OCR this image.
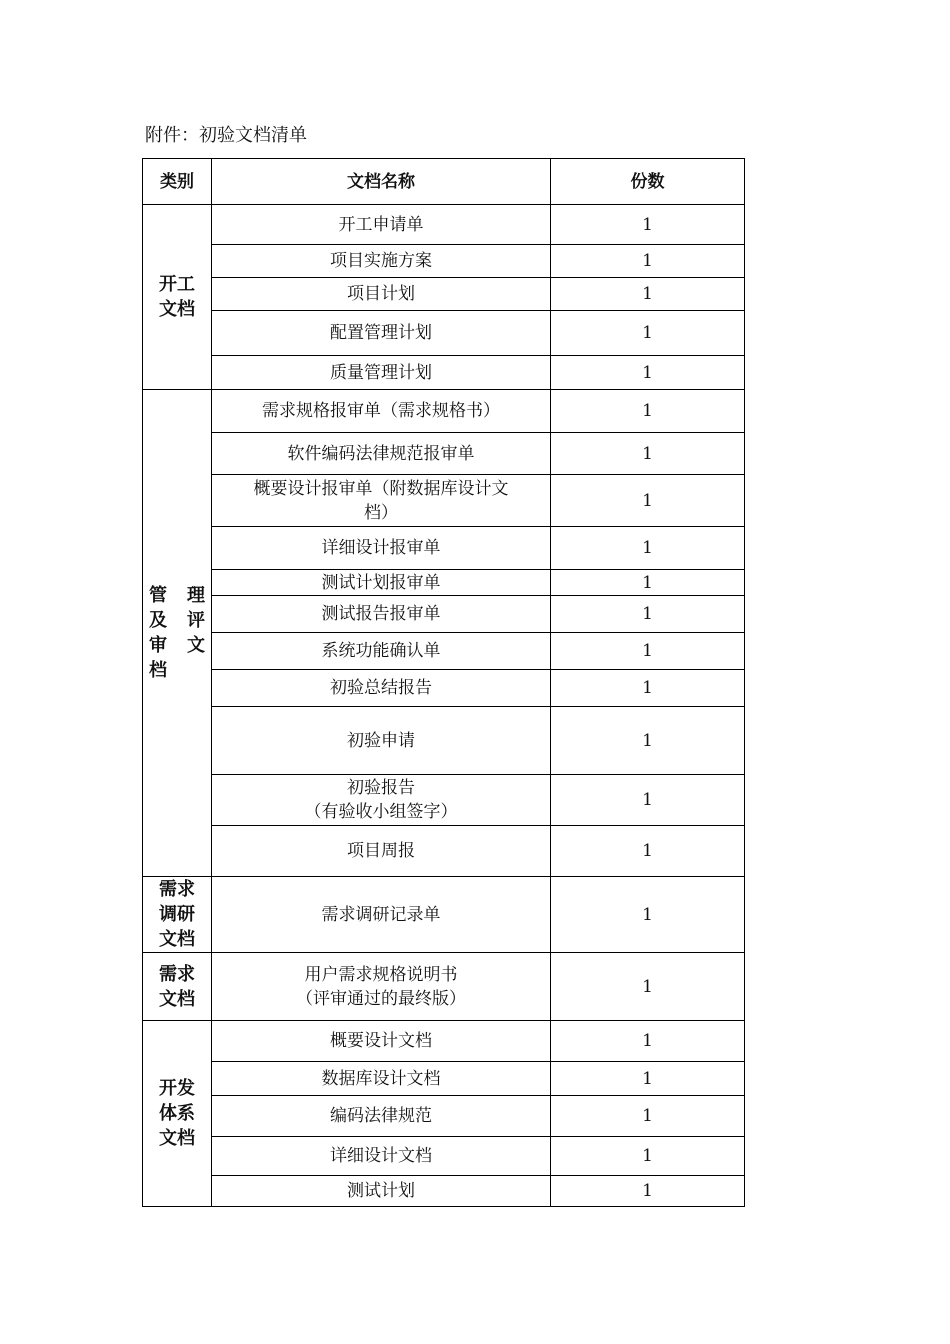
附件：初验文档清单
类别	文档名称	份数

开工
文档	开工申请单	1

	项目实施方案	1

	项目计划	1

	配置管理计划	1

	质量管理计划	1

管 理
及 评
审 文
档	需求规格报审单（需求规格书）	1

	软件编码法律规范报审单	1

	概要设计报审单（附数据库设计文
档）	1

	详细设计报审单	1

	测试计划报审单	1

	测试报告报审单	1

	系统功能确认单	1

	初验总结报告	1

	初验申请	1

	初验报告
（有验收小组签字）	1

	项目周报	1

需求
调研
文档	需求调研记录单	1

需求
文档	用户需求规格说明书
（评审通过的最终版）	1

开发
体系
文档	概要设计文档	1

	数据库设计文档	1

	编码法律规范	1

	详细设计文档	1

	测试计划	1
